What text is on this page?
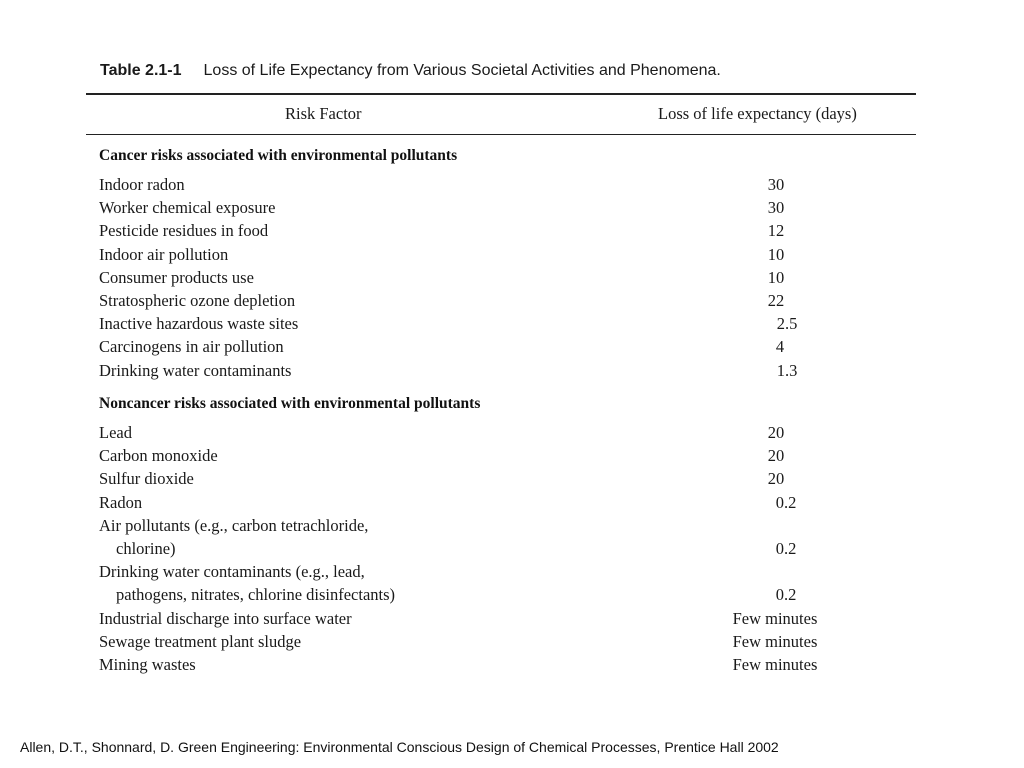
Table 2.1-1 Loss of Life Expectancy from Various Societal Activities and Phenomena.
Risk Factor	Loss of life expectancy (days)
Cancer risks associated with environmental pollutants
Indoor radon	30
Worker chemical exposure	30
Pesticide residues in food	12
Indoor air pollution	10
Consumer products use	10
Stratospheric ozone depletion	22
Inactive hazardous waste sites	2.5
Carcinogens in air pollution	4
Drinking water contaminants	1.3
Noncancer risks associated with environmental pollutants
Lead	20
Carbon monoxide	20
Sulfur dioxide	20
Radon	0.2
Air pollutants (e.g., carbon tetrachloride,
chlorine)	0.2
Drinking water contaminants (e.g., lead,
pathogens, nitrates, chlorine disinfectants)	0.2
Industrial discharge into surface water	Few minutes
Sewage treatment plant sludge	Few minutes
Mining wastes	Few minutes
Allen, D.T., Shonnard, D. Green Engineering: Environmental Conscious Design of Chemical Processes, Prentice Hall 2002
